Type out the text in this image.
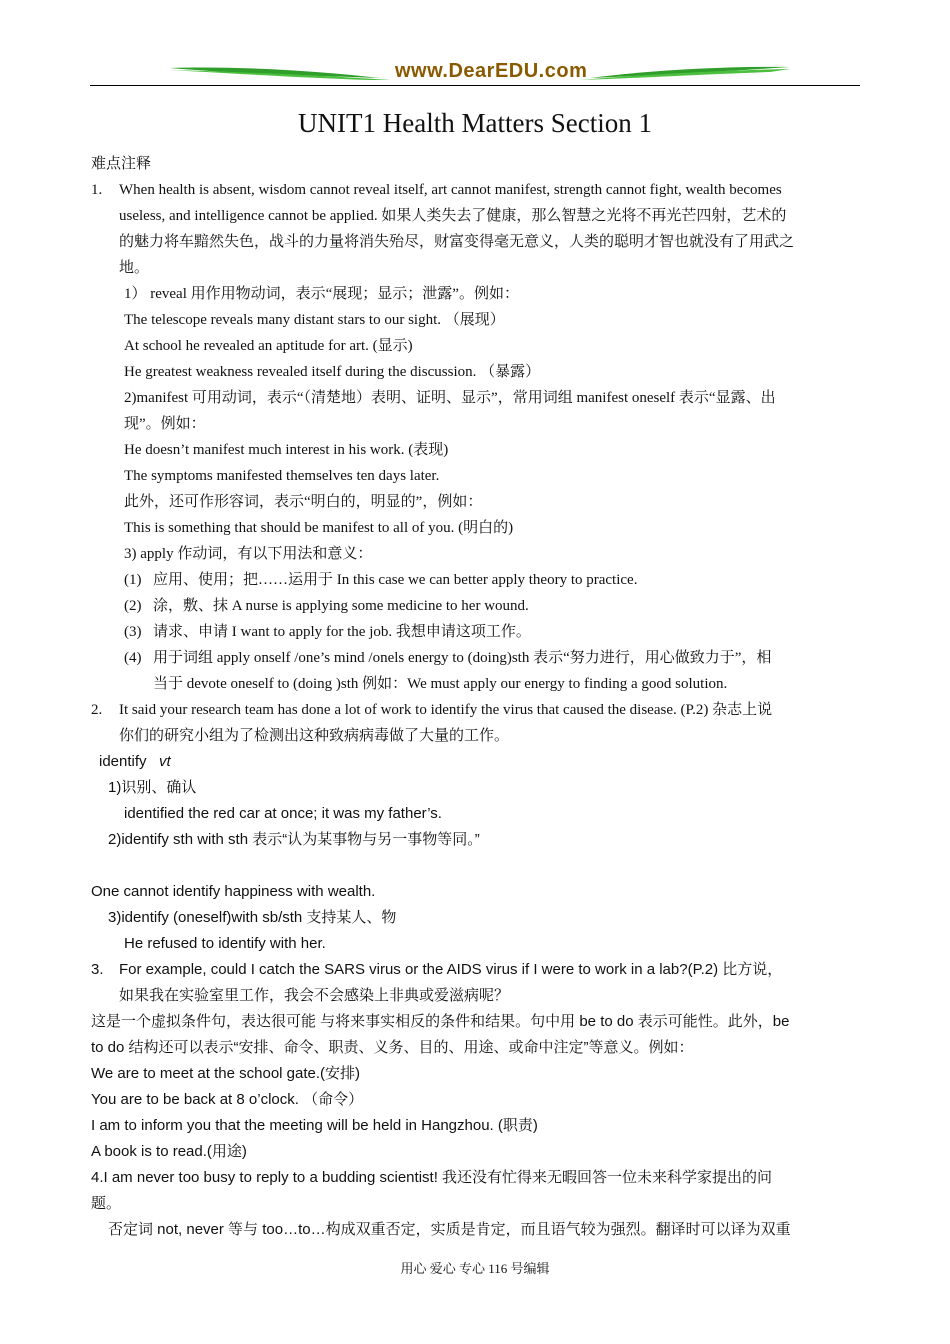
www.DearEDU.com
UNIT1 Health Matters Section 1
难点注释
1. When health is absent, wisdom cannot reveal itself, art cannot manifest, strength cannot fight, wealth becomes
useless, and intelligence cannot be applied. 如果人类失去了健康，那么智慧之光将不再光芒四射，艺术的
的魅力将车黯然失色，战斗的力量将消失殆尽，财富变得毫无意义，人类的聪明才智也就没有了用武之
地。
1） reveal 用作用物动词，表示“展现；显示；泄露”。例如：
The telescope reveals many distant stars to our sight. （展现）
At school he revealed an aptitude for art. (显示)
He greatest weakness revealed itself during the discussion. （暴露）
2)manifest 可用动词，表示“（清楚地）表明、证明、显示”，常用词组 manifest oneself 表示“显露、出
现”。例如：
He doesn’t manifest much interest in his work. (表现)
The symptoms manifested themselves ten days later.
此外，还可作形容词，表示“明白的，明显的”，例如：
This is something that should be manifest to all of you. (明白的)
3) apply 作动词，有以下用法和意义：
(1) 应用、使用；把……运用于 In this case we can better apply theory to practice.
(2) 涂，敷、抹 A nurse is applying some medicine to her wound.
(3) 请求、申请 I want to apply for the job. 我想申请这项工作。
(4) 用于词组 apply onself /one’s mind /onels energy to (doing)sth 表示“努力进行，用心做致力于”，相
当于 devote oneself to (doing )sth 例如：We must apply our energy to finding a good solution.
2. It said your research team has done a lot of work to identify the virus that caused the disease. (P.2) 杂志上说
你们的研究小组为了检测出这种致病病毒做了大量的工作。
identify vt
1)识别、确认
identified the red car at once; it was my father’s.
2)identify sth with sth 表示“认为某事物与另一事物等同。”
One cannot identify happiness with wealth.
3)identify (oneself)with sb/sth 支持某人、物
He refused to identify with her.
3. For example, could I catch the SARS virus or the AIDS virus if I were to work in a lab?(P.2) 比方说，
如果我在实验室里工作，我会不会感染上非典或爱滋病呢？
这是一个虚拟条件句，表达很可能 与将来事实相反的条件和结果。句中用 be to do 表示可能性。此外，be
to do 结构还可以表示“安排、命令、职责、义务、目的、用途、或命中注定”等意义。例如：
We are to meet at the school gate.(安排)
You are to be back at 8 o’clock. （命令）
I am to inform you that the meeting will be held in Hangzhou. (职责)
A book is to read.(用途)
4.I am never too busy to reply to a budding scientist! 我还没有忙得来无暇回答一位未来科学家提出的问
题。
否定词 not, never 等与 too…to…构成双重否定，实质是肯定，而且语气较为强烈。翻译时可以译为双重
用心 爱心 专心 116 号编辑
